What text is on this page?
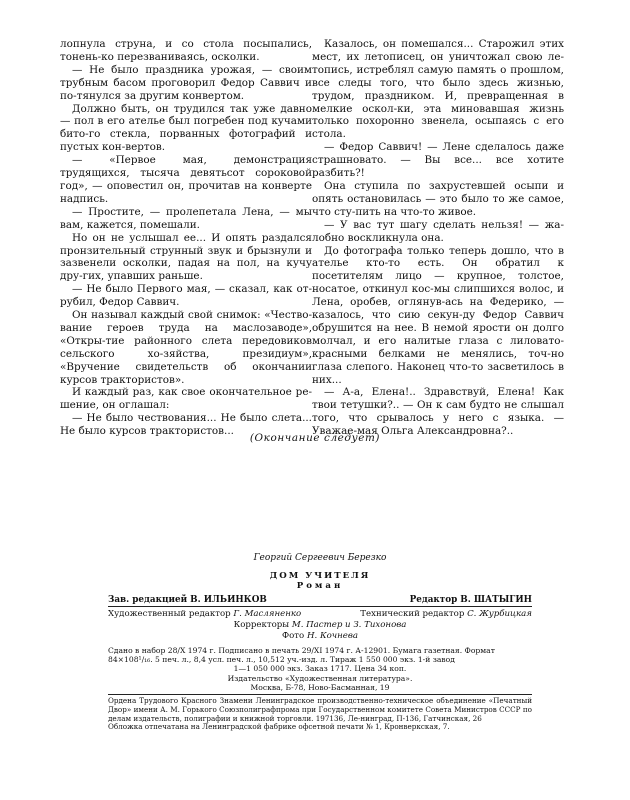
лопнула струна, и со стола посыпались, тонень-ко перезваниваясь, осколки.

— Не было праздника урожая, — своим трубным басом проговорил Федор Саввич и по-тянулся за другим конвертом.

Должно быть, он трудился так уже давно — пол в его ателье был погребен под кучами бито-го стекла, порванных фотографий и пустых кон-вертов.

— «Первое мая, демонстрация трудящихся, тысяча девятьсот сороковой год», — оповестил он, прочитав на конверте надпись.

— Простите, — пролепетала Лена, — мы вам, кажется, помешали.

Но он не услышал ее... И опять раздался пронзительный струнный звук и брызнули и зазвенели осколки, падая на пол, на кучу дру-гих, упавших раньше.

— Не было Первого мая, — сказал, как от-рубил, Федор Саввич.

Он называл каждый свой снимок: «Чество-вание героев труда на маслозаводе», «Откры-тие районного слета передовиков сельского хо-зяйства, президиум», «Вручение свидетельств об окончании курсов трактористов».

И каждый раз, как свое окончательное ре-шение, он оглашал:

— Не было чествования... Не было слета... Не было курсов трактористов...

Казалось, он помешался... Старожил этих мест, их летописец, он уничтожал свою ле-топись, истреблял самую память о прошлом, все следы того, что было здесь жизнью, трудом, праздником. И, превращенная в мелкие оскол-ки, эта миновавшая жизнь только похоронно звенела, осыпаясь с его стола.

— Федор Саввич! — Лене сделалось даже страшновато. — Вы все... все хотите разбить?!

Она ступила по захрустевшей осыпи и опять остановилась — это было то же самое, что сту-пить на что-то живое.

— У вас тут шагу сделать нельзя! — жа-лобно воскликнула она.

До фотографа только теперь дошло, что в ателье кто-то есть. Он обратил к посетителям лицо — крупное, толстое, носатое, откинул кос-мы слипшихся волос, и Лена, оробев, оглянув-ась на Федерико, — казалось, что сию секун-ду Федор Саввич обрушится на нее. В немой ярости он долго молчал, и его налитые глаза с лиловато-красными белками не менялись, точ-но глаза слепого. Наконец что-то засветилось в них...

— А-а, Елена!.. Здравствуй, Елена! Как твои тетушки?.. — Он к сам будто не слышал того, что срывалось у него с языка. — Уважае-мая Ольга Александровна?..

(Окончание следует)
Георгий Сергеевич Березко
ДОМ УЧИТЕЛЯ
Роман
Зав. редакцией В. ИЛЬИНКОВ	Редактор В. ШАТЫГИН
Художественный редактор Г. Масляненко	Технический редактор С. Журбицкая
Корректоры М. Пастер и З. Тихонова
Фото Н. Кочнева
Сдано в набор 28/X 1974 г. Подписано в печать 29/XI 1974 г. А-12901. Бумага газетная. Формат
84×108¹/₁₆. 5 печ. л., 8,4 усл. печ. л., 10,512 уч.-изд. л. Тираж 1 550 000 экз. 1-й завод
1—1 050 000 экз. Заказ 1717. Цена 34 коп.
Издательство «Художественная литература».
Москва, Б-78, Ново-Басманная, 19
Ордена Трудового Красного Знамени Ленинградское производственно-техническое объединение «Печатный Двор» имени А. М. Горького Союзполиграфпрома при Государственном комитете Совета Министров СССР по делам издательств, полиграфии и книжной торговли. 197136, Ле-нинград, П-136, Гатчинская, 26
Обложка отпечатана на Ленинградской фабрике офсетной печати № 1, Кронверкская, 7.
